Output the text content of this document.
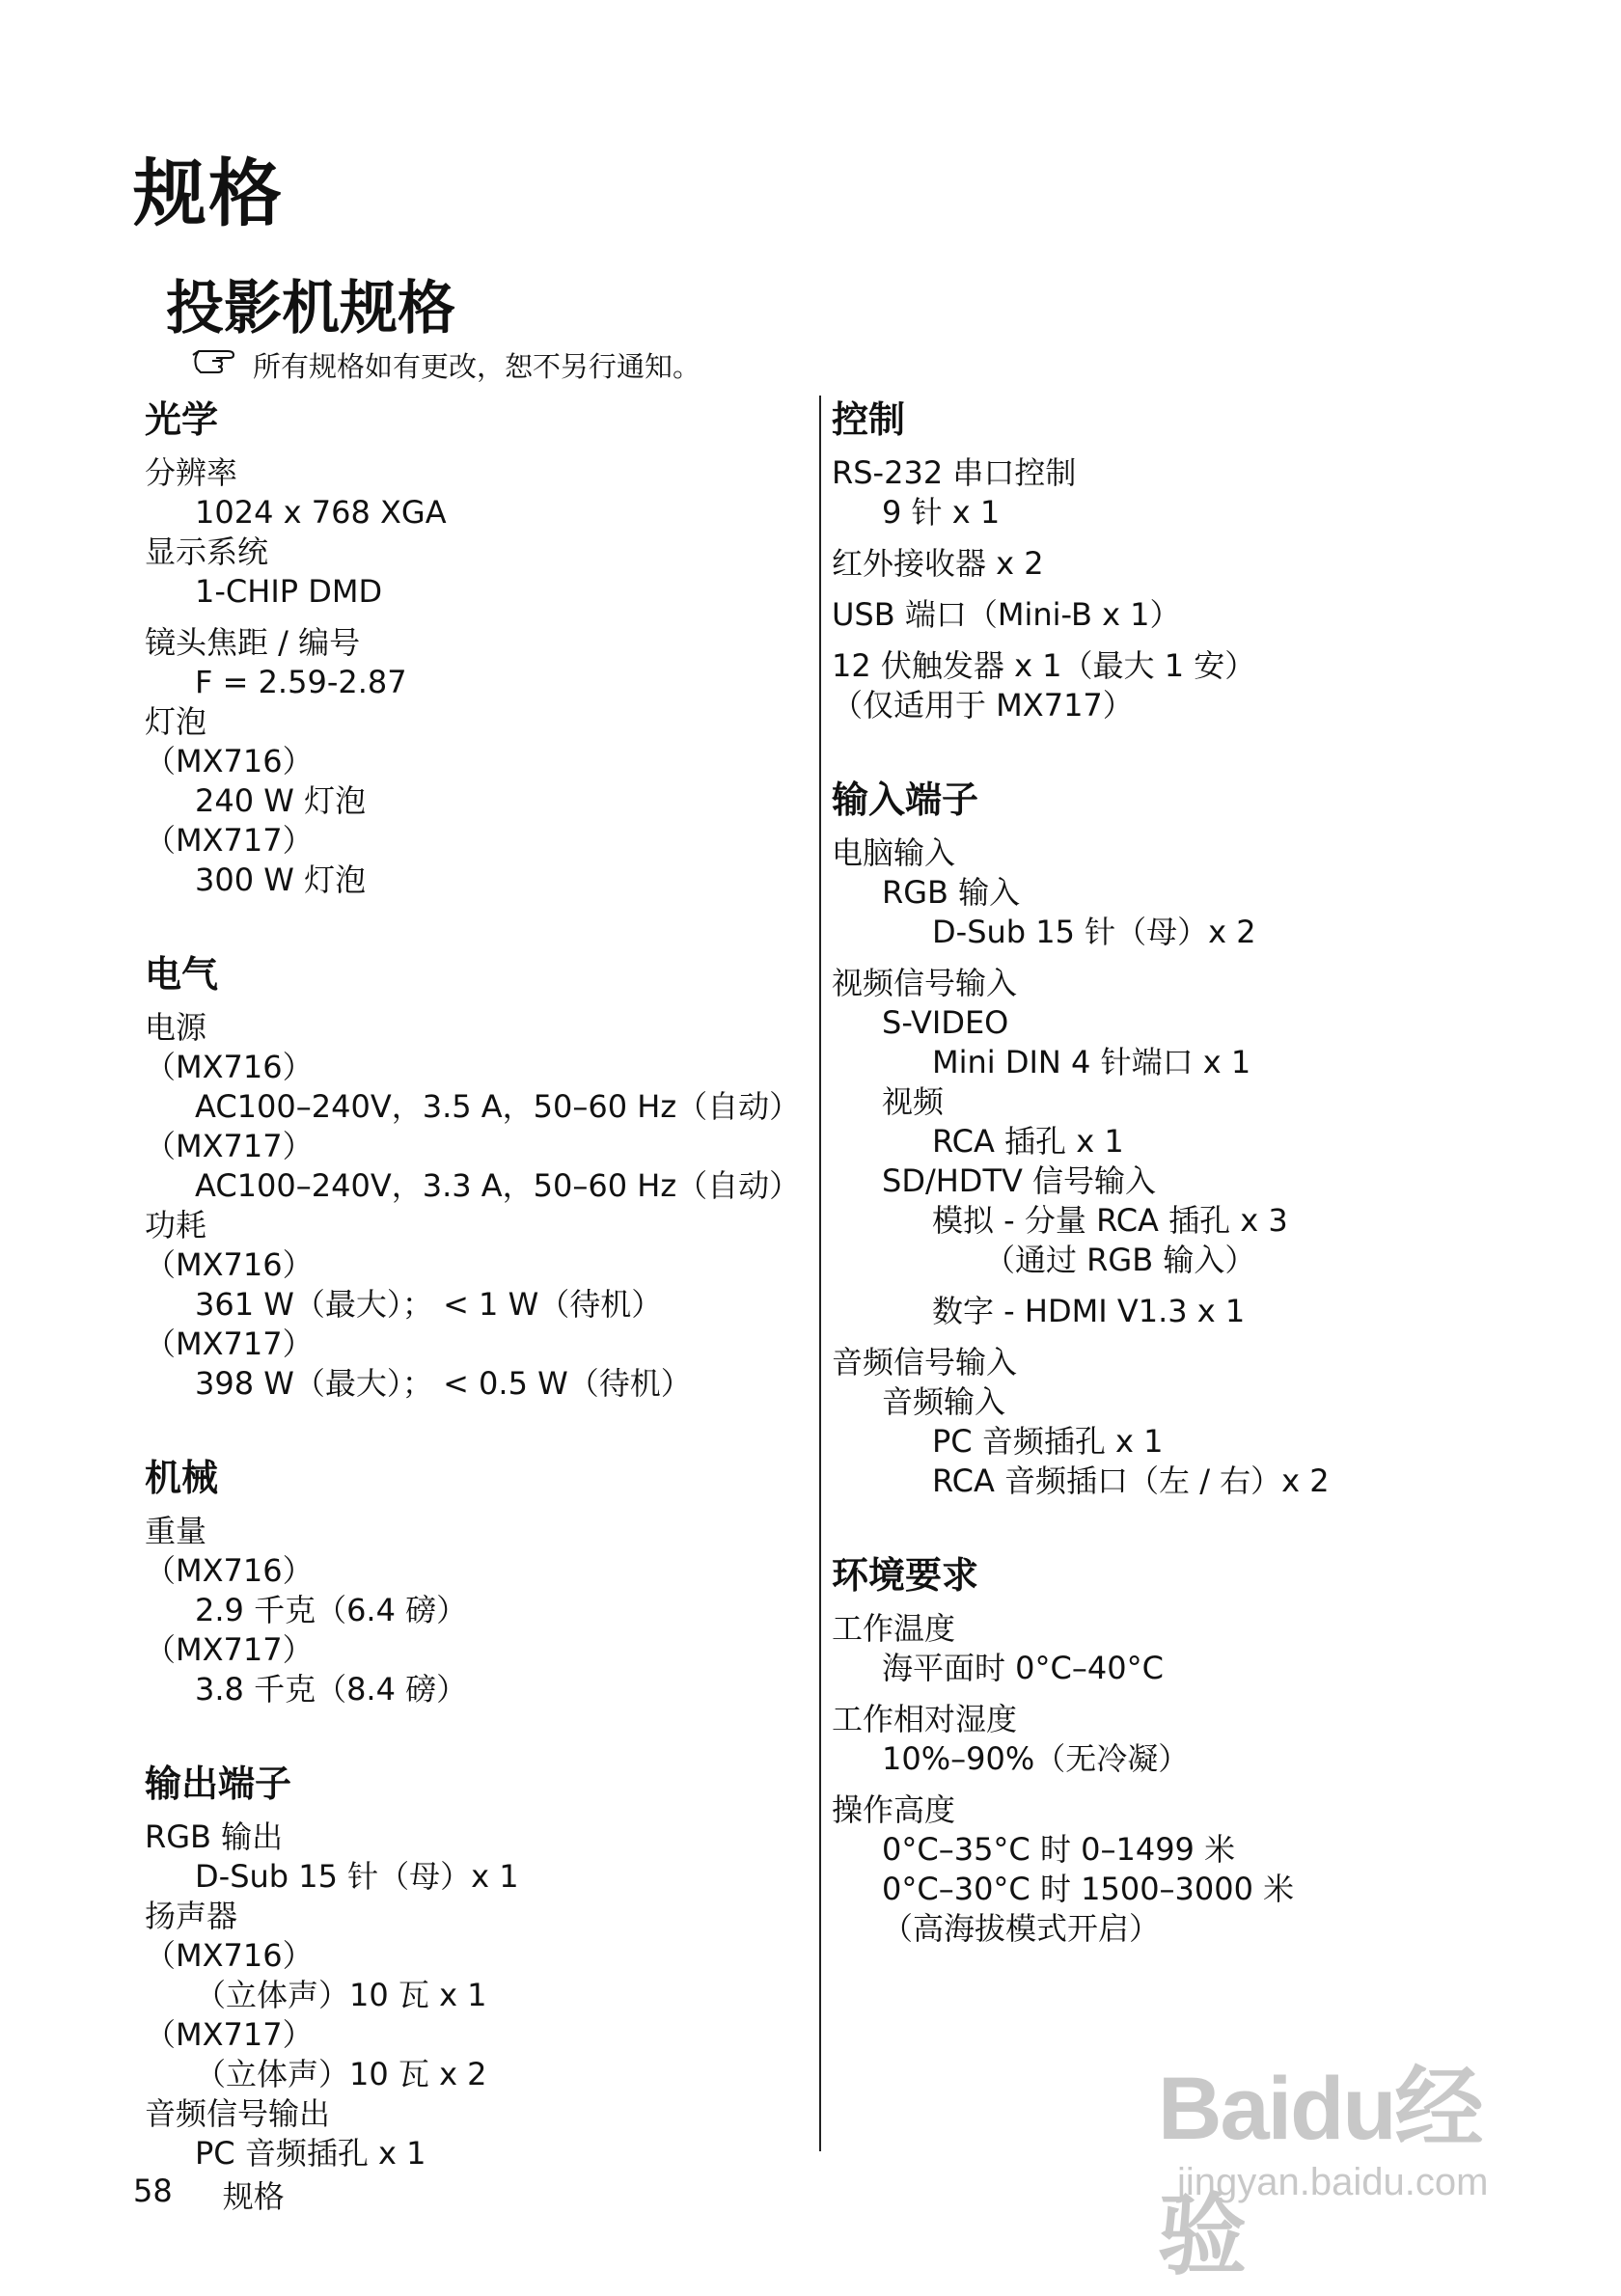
规格
投影机规格
所有规格如有更改，恕不另行通知。
光学
分辨率
1024 x 768 XGA
显示系统
1-CHIP DMD
镜头焦距 / 编号
F = 2.59-2.87
灯泡
（MX716）
240 W 灯泡
（MX717）
300 W 灯泡
电气
电源
（MX716）
AC100–240V，3.5 A，50–60 Hz（自动）
（MX717）
AC100–240V，3.3 A，50–60 Hz（自动）
功耗
（MX716）
361 W（最大）； < 1 W（待机）
（MX717）
398 W（最大）； < 0.5 W（待机）
机械
重量
（MX716）
2.9 千克（6.4 磅）
（MX717）
3.8 千克（8.4 磅）
输出端子
RGB 输出
D-Sub 15 针（母）x 1
扬声器
（MX716）
（立体声）10 瓦 x 1
（MX717）
（立体声）10 瓦 x 2
音频信号输出
PC 音频插孔 x 1
控制
RS-232 串口控制
9 针 x 1
红外接收器 x 2
USB 端口（Mini-B x 1）
12 伏触发器 x 1（最大 1 安）
（仅适用于 MX717）
输入端子
电脑输入
RGB 输入
D-Sub 15 针（母）x 2
视频信号输入
S-VIDEO
Mini DIN 4 针端口 x 1
视频
RCA 插孔 x 1
SD/HDTV 信号输入
模拟 - 分量 RCA 插孔 x 3
（通过 RGB 输入）
数字 - HDMI V1.3 x 1
音频信号输入
音频输入
PC 音频插孔 x 1
RCA 音频插口（左 / 右）x 2
环境要求
工作温度
海平面时 0°C–40°C
工作相对湿度
10%–90%（无冷凝）
操作高度
0°C–35°C 时 0–1499 米
0°C–30°C 时 1500–3000 米
（高海拔模式开启）
58 规格
Baidu经验
jingyan.baidu.com
